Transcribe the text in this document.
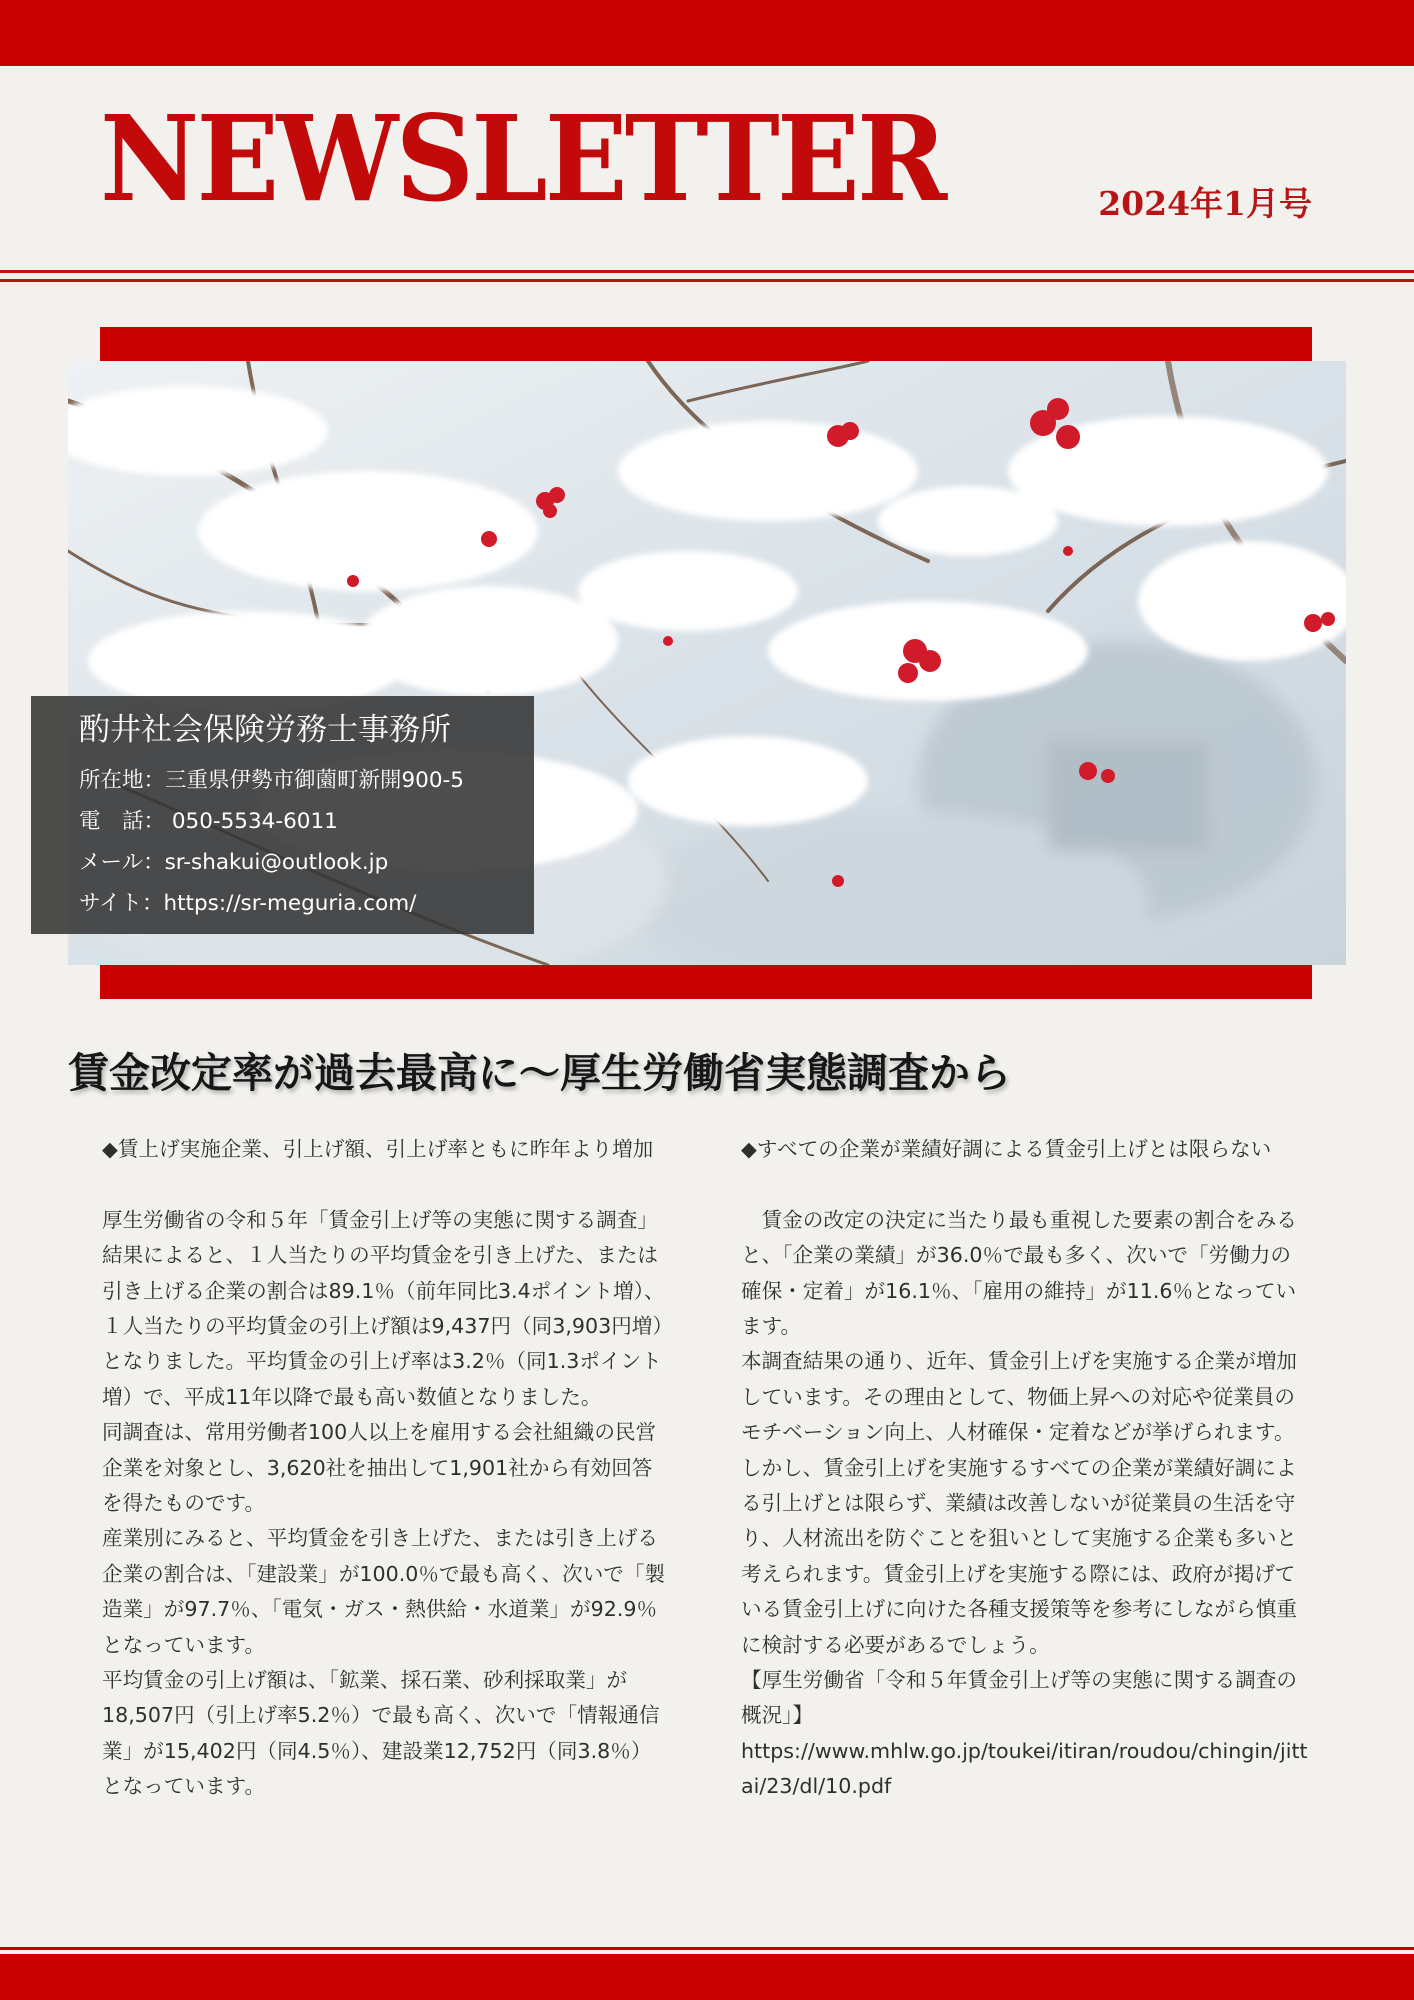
NEWSLETTER	2024年1月号
酌井社会保険労務士事務所
所在地：三重県伊勢市御薗町新開900-5
電　話： 050-5534-6011
メール：sr-shakui@outlook.jp
サイト：https://sr-meguria.com/
賃金改定率が過去最高に～厚生労働省実態調査から

◆賃上げ実施企業、引上げ額、引上げ率ともに昨年より増加

厚生労働省の令和５年「賃金引上げ等の実態に関する調査」結果によると、１人当たりの平均賃金を引き上げた、または引き上げる企業の割合は89.1％（前年同比3.4ポイント増）、１人当たりの平均賃金の引上げ額は9,437円（同3,903円増）となりました。平均賃金の引上げ率は3.2％（同1.3ポイント増）で、平成11年以降で最も高い数値となりました。

同調査は、常用労働者100人以上を雇用する会社組織の民営企業を対象とし、3,620社を抽出して1,901社から有効回答を得たものです。

産業別にみると、平均賃金を引き上げた、または引き上げる企業の割合は、「建設業」が100.0％で最も高く、次いで「製造業」が97.7％、「電気・ガス・熱供給・水道業」が92.9％となっています。

平均賃金の引上げ額は、「鉱業、採石業、砂利採取業」が18,507円（引上げ率5.2％）で最も高く、次いで「情報通信業」が15,402円（同4.5％）、建設業12,752円（同3.8％）となっています。

◆すべての企業が業績好調による賃金引上げとは限らない

　賃金の改定の決定に当たり最も重視した要素の割合をみると、「企業の業績」が36.0％で最も多く、次いで「労働力の確保・定着」が16.1％、「雇用の維持」が11.6％となっています。

本調査結果の通り、近年、賃金引上げを実施する企業が増加しています。その理由として、物価上昇への対応や従業員のモチベーション向上、人材確保・定着などが挙げられます。しかし、賃金引上げを実施するすべての企業が業績好調による引上げとは限らず、業績は改善しないが従業員の生活を守り、人材流出を防ぐことを狙いとして実施する企業も多いと考えられます。賃金引上げを実施する際には、政府が掲げている賃金引上げに向けた各種支援策等を参考にしながら慎重に検討する必要があるでしょう。

【厚生労働省「令和５年賃金引上げ等の実態に関する調査の概況」】

https://www.mhlw.go.jp/toukei/itiran/roudou/chingin/jittai/23/dl/10.pdf
